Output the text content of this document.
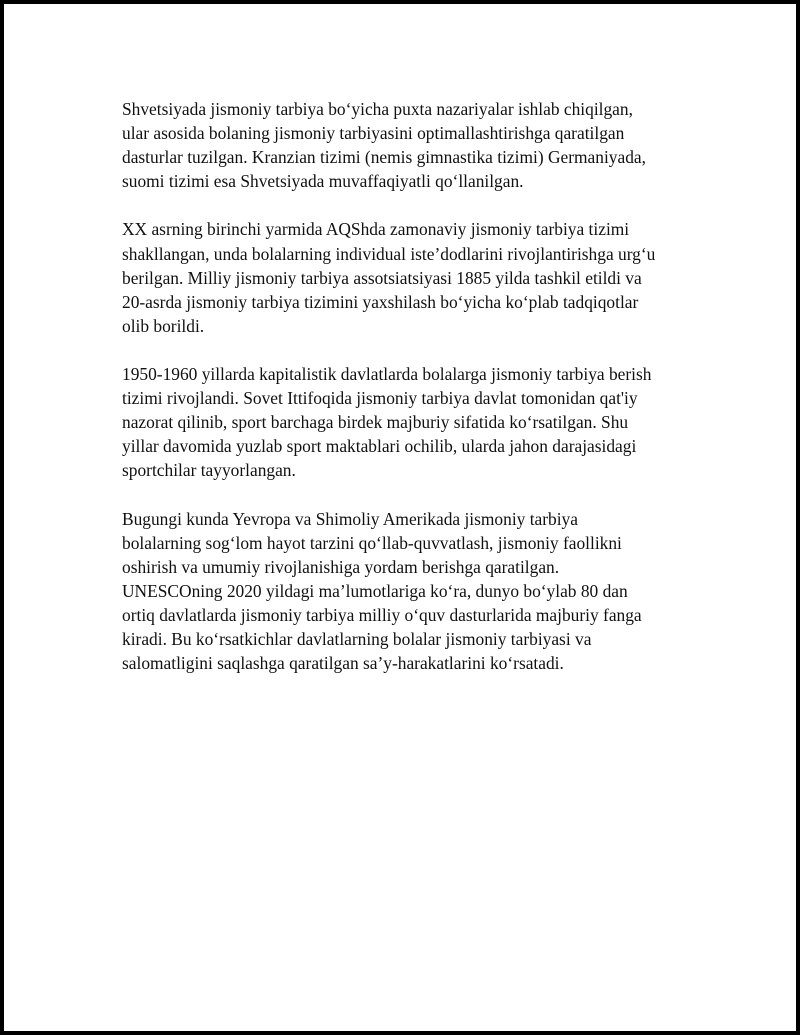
Shvetsiyada jismoniy tarbiya boʻyicha puxta nazariyalar ishlab chiqilgan,
ular asosida bolaning jismoniy tarbiyasini optimallashtirishga qaratilgan
dasturlar tuzilgan. Kranzian tizimi (nemis gimnastika tizimi) Germaniyada,
suomi tizimi esa Shvetsiyada muvaffaqiyatli qoʻllanilgan.

XX asrning birinchi yarmida AQShda zamonaviy jismoniy tarbiya tizimi
shakllangan, unda bolalarning individual isteʼdodlarini rivojlantirishga urgʻu
berilgan. Milliy jismoniy tarbiya assotsiatsiyasi 1885 yilda tashkil etildi va
20-asrda jismoniy tarbiya tizimini yaxshilash boʻyicha koʻplab tadqiqotlar
olib borildi.

1950-1960 yillarda kapitalistik davlatlarda bolalarga jismoniy tarbiya berish
tizimi rivojlandi. Sovet Ittifoqida jismoniy tarbiya davlat tomonidan qat'iy
nazorat qilinib, sport barchaga birdek majburiy sifatida koʻrsatilgan. Shu
yillar davomida yuzlab sport maktablari ochilib, ularda jahon darajasidagi
sportchilar tayyorlangan.

Bugungi kunda Yevropa va Shimoliy Amerikada jismoniy tarbiya
bolalarning sogʻlom hayot tarzini qoʻllab-quvvatlash, jismoniy faollikni
oshirish va umumiy rivojlanishiga yordam berishga qaratilgan.
UNESCOning 2020 yildagi maʼlumotlariga koʻra, dunyo boʻylab 80 dan
ortiq davlatlarda jismoniy tarbiya milliy oʻquv dasturlarida majburiy fanga
kiradi. Bu koʻrsatkichlar davlatlarning bolalar jismoniy tarbiyasi va
salomatligini saqlashga qaratilgan saʼy-harakatlarini koʻrsatadi.
